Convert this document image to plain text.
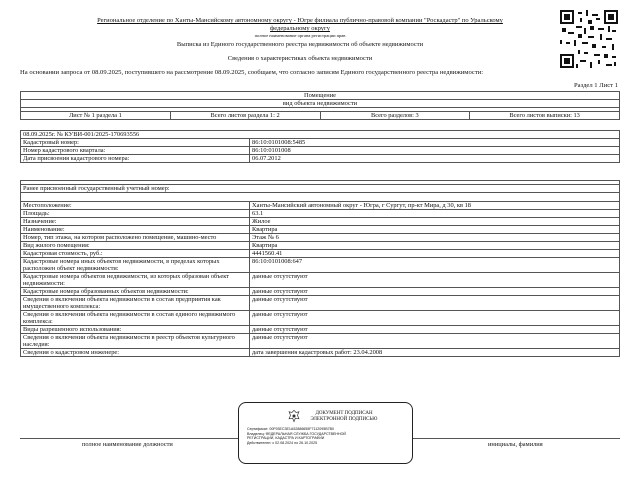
Региональное отделение по Ханты-Мансийскому автономному округу - Югре филиала публично-правовой компании "Роскадастр" по Уральскому
федеральному округу
полное наименование органа регистрации прав
Выписка из Единого государственного реестра недвижимости об объекте недвижимости
Сведения о характеристиках объекта недвижимости
На основании запроса от 08.09.2025, поступившего на рассмотрение 08.09.2025, сообщаем, что согласно записям Единого государственного реестра недвижимости:
Раздел 1 Лист 1
Помещение
вид объекта недвижимости

Лист № 1 раздела 1	Всего листов раздела 1: 2	Всего разделов: 3	Всего листов выписки: 13
08.09.2025г. № КУВИ-001/2025-170693556	
Кадастровый номер:	86:10:0101008:5485
Номер кадастрового квартала:	86:10:0101008
Дата присвоения кадастрового номера:	06.07.2012

Ранее присвоенный государственный учетный номер:	

Местоположение:	Ханты-Мансийский автономный округ - Югра, г Сургут, пр-кт Мира, д 30, кв 18
Площадь:	63.1
Назначение:	Жилое
Наименование:	Квартира
Номер, тип этажа, на котором расположено помещение, машино-место	Этаж № 6
Вид жилого помещения:	Квартира
Кадастровая стоимость, руб.:	4441560.41
Кадастровые номера иных объектов недвижимости, в пределах которых расположен объект недвижимости:	86:10:0101008:647
Кадастровые номера объектов недвижимости, из которых образован объект недвижимости:	данные отсутствуют
Кадастровые номера образованных объектов недвижимости:	данные отсутствуют
Сведения о включении объекта недвижимости в состав предприятия как имущественного комплекса:	данные отсутствуют
Сведения о включении объекта недвижимости в состав единого недвижимого комплекса:	данные отсутствуют
Виды разрешенного использования:	данные отсутствуют
Сведения о включении объекта недвижимости в реестр объектов культурного наследия:	данные отсутствуют
Сведения о кадастровом инженере:	дата завершения кадастровых работ: 23.04.2008
полное наименование должности	инициалы, фамилия
ДОКУМЕНТ ПОДПИСАН
ЭЛЕКТРОННОЙ ПОДПИСЬЮ
Сертификат: 00F93EC3E1A52886655F7112095B7B0
Владелец: ФЕДЕРАЛЬНАЯ СЛУЖБА ГОСУДАРСТВЕННОЙ
РЕГИСТРАЦИИ, КАДАСТРА И КАРТОГРАФИИ
Действителен: с 02.08.2024 по 26.10.2025
